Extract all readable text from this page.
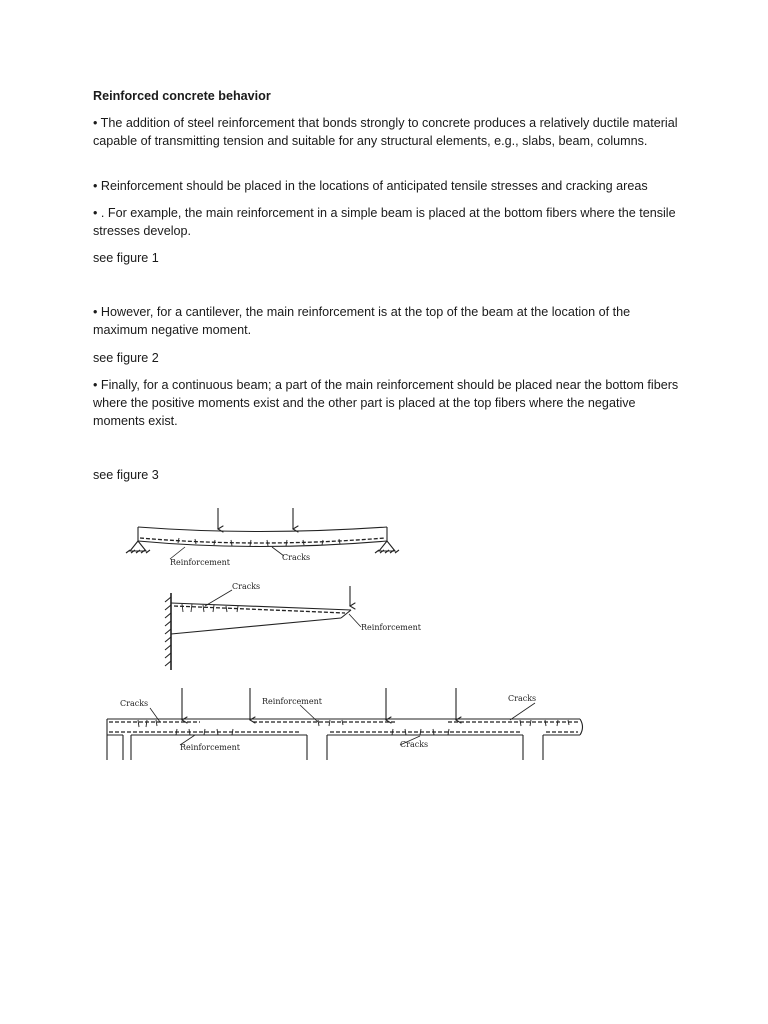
Reinforced concrete behavior

• The addition of steel reinforcement that bonds strongly to concrete produces a relatively ductile material capable of transmitting tension and suitable for any structural elements, e.g., slabs, beam, columns.

• Reinforcement should be placed in the locations of anticipated tensile stresses and cracking areas

• . For example, the main reinforcement in a simple beam is placed at the bottom fibers where the tensile stresses develop.

see figure 1

• However, for a cantilever, the main reinforcement is at the top of the beam at the location of the maximum negative moment.

see figure 2

• Finally, for a continuous beam; a part of the main reinforcement should be placed near the bottom fibers where the positive moments exist and the other part is placed at the top fibers where the negative moments exist.

see figure 3

Reinforcement
Cracks
Cracks
Reinforcement
Cracks	Reinforcement	Cracks
Reinforcement	Cracks
